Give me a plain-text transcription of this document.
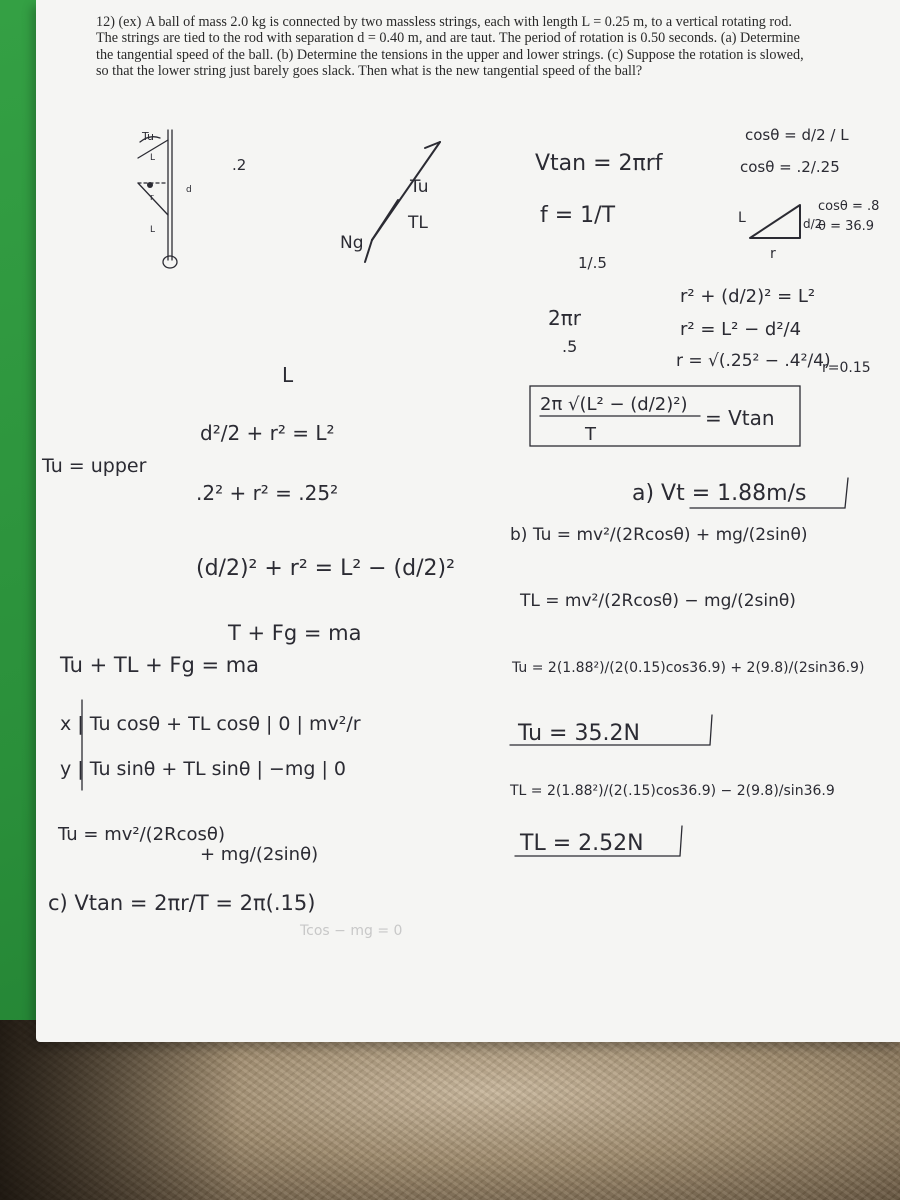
12) (ex) A ball of mass 2.0 kg is connected by two massless strings, each with length L = 0.25 m, to a vertical rotating rod. The strings are tied to the rod with separation d = 0.40 m, and are taut. The period of rotation is 0.50 seconds. (a) Determine the tangential speed of the ball. (b) Determine the tensions in the upper and lower strings. (c) Suppose the rotation is slowed, so that the lower string just barely goes slack. Then what is the new tangential speed of the ball?
Tu
L
d
r
L
.2
Tu
TL
Ng
Vtan = 2πrf
f = 1/T
1/.5
2πr
.5
cosθ = d/2 / L
cosθ = .2/.25
cosθ = .8
θ = 36.9
L	d/2
r
r² + (d/2)² = L²
r² = L² − d²/4
r = √(.25² − .4²/4)
r=0.15
2π √(L² − (d/2)²)
T
= Vtan
a) Vt = 1.88m/s
L
d²/2 + r² = L²
Tu = upper
.2² + r² = .25²
(d/2)² + r² = L² − (d/2)²
T + Fg = ma
Tu + TL + Fg = ma
x | Tu cosθ + TL cosθ | 0 | mv²/r
y | Tu sinθ + TL sinθ | −mg | 0
Tu = mv²/(2Rcosθ)
+ mg/(2sinθ)
b) Tu = mv²/(2Rcosθ) + mg/(2sinθ)
TL = mv²/(2Rcosθ) − mg/(2sinθ)
Tu = 2(1.88²)/(2(0.15)cos36.9) + 2(9.8)/(2sin36.9)
Tu = 35.2N
TL = 2(1.88²)/(2(.15)cos36.9) − 2(9.8)/sin36.9
TL = 2.52N
c) Vtan = 2πr/T = 2π(.15)
Tcos − mg = 0
